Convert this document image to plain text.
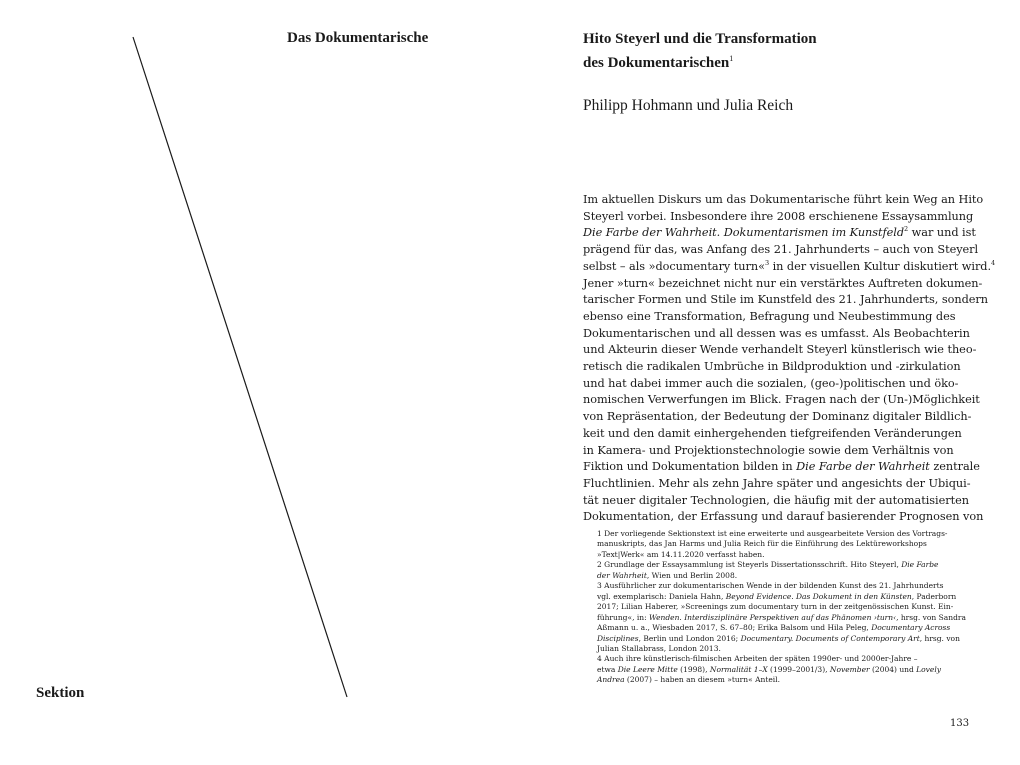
Das Dokumentarische
Sektion
Hito Steyerl und die Transformation
des Dokumentarischen$^1$
Philipp Hohmann und Julia Reich
Im aktuellen Diskurs um das Dokumentarische führt kein Weg an Hito
Steyerl vorbei. Insbesondere ihre 2008 erschienene Essaysammlung
Die Farbe der Wahrheit. Dokumentarismen im Kunstfeld$^2$ war und ist
prägend für das, was Anfang des 21. Jahrhunderts – auch von Steyerl
selbst – als »documentary turn«$^3$ in der visuellen Kultur diskutiert wird.$^4$
Jener »turn« bezeichnet nicht nur ein verstärktes Auftreten dokumen-
tarischer Formen und Stile im Kunstfeld des 21. Jahrhunderts, sondern
ebenso eine Transformation, Befragung und Neubestimmung des
Dokumentarischen und all dessen was es umfasst. Als Beobachterin
und Akteurin dieser Wende verhandelt Steyerl künstlerisch wie theo-
retisch die radikalen Umbrüche in Bildproduktion und -zirkulation
und hat dabei immer auch die sozialen, (geo-)politischen und öko-
nomischen Verwerfungen im Blick. Fragen nach der (Un-)Möglichkeit
von Repräsentation, der Bedeutung der Dominanz digitaler Bildlich-
keit und den damit einhergehenden tiefgreifenden Veränderungen
in Kamera- und Projektionstechnologie sowie dem Verhältnis von
Fiktion und Dokumentation bilden in Die Farbe der Wahrheit zentrale
Fluchtlinien. Mehr als zehn Jahre später und angesichts der Ubiqui-
tät neuer digitaler Technologien, die häufig mit der automatisierten
Dokumentation, der Erfassung und darauf basierender Prognosen von
1 Der vorliegende Sektionstext ist eine erweiterte und ausgearbeitete Version des Vortrags-
manuskripts, das Jan Harms und Julia Reich für die Einführung des Lektüreworkshops
»Text|Werk« am 14.11.2020 verfasst haben.
2 Grundlage der Essaysammlung ist Steyerls Dissertationsschrift. Hito Steyerl, Die Farbe
der Wahrheit, Wien und Berlin 2008.
3 Ausführlicher zur dokumentarischen Wende in der bildenden Kunst des 21. Jahrhunderts
vgl. exemplarisch: Daniela Hahn, Beyond Evidence. Das Dokument in den Künsten, Paderborn
2017; Lilian Haberer, »Screenings zum documentary turn in der zeitgenössischen Kunst. Ein-
führung«, in: Wenden. Interdisziplinäre Perspektiven auf das Phänomen ›turn‹, hrsg. von Sandra
Aßmann u. a., Wiesbaden 2017, S. 67–80; Erika Balsom und Hila Peleg, Documentary Across
Disciplines, Berlin und London 2016; Documentary. Documents of Contemporary Art, hrsg. von
Julian Stallabrass, London 2013.
4 Auch ihre künstlerisch-filmischen Arbeiten der späten 1990er- und 2000er-Jahre –
etwa Die Leere Mitte (1998), Normalität 1–X (1999–2001/3), November (2004) und Lovely
Andrea (2007) – haben an diesem »turn« Anteil.
133
